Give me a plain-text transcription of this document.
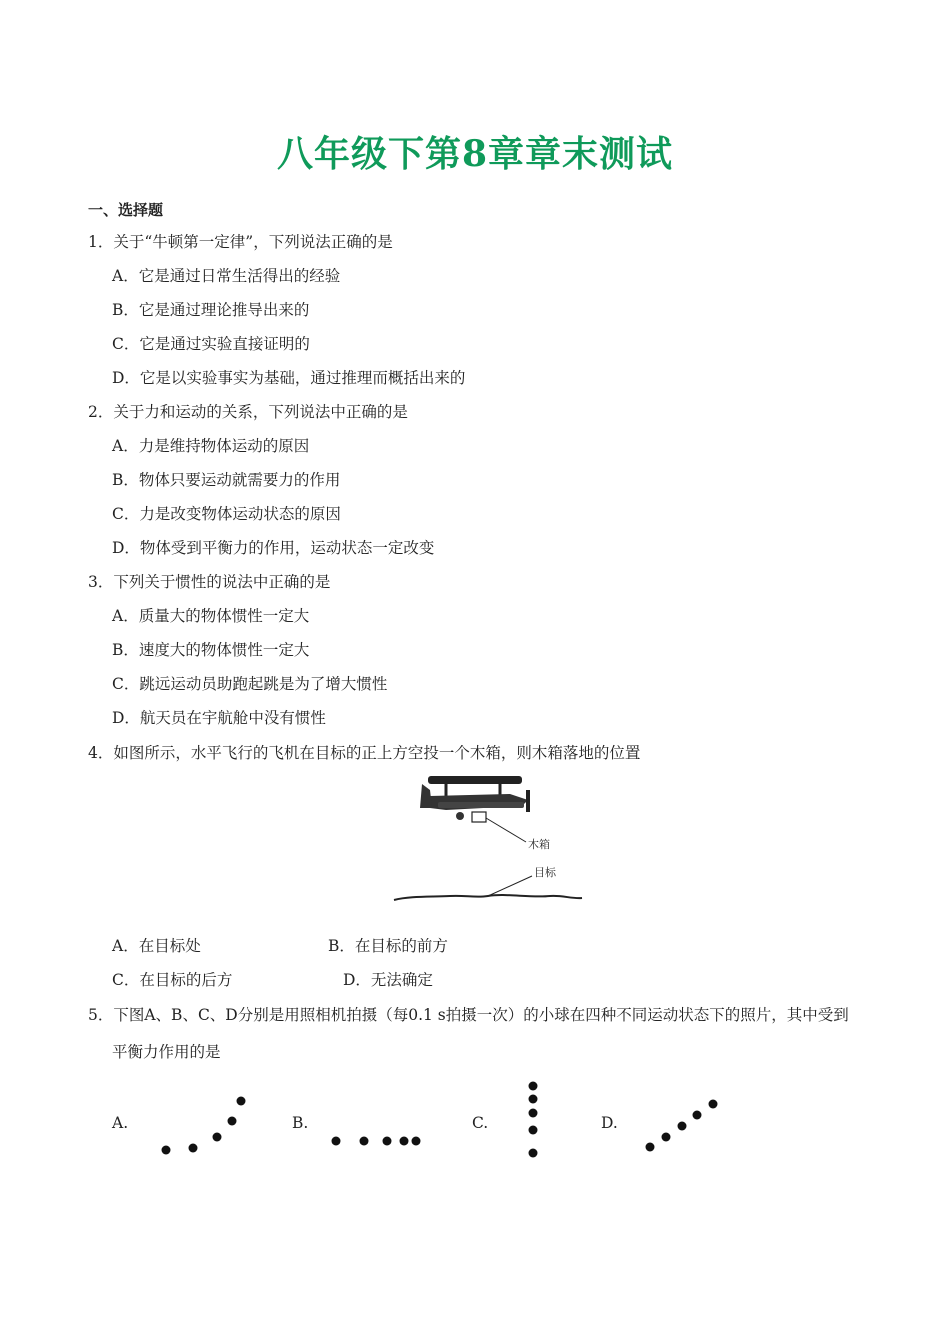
八年级下第8章章末测试
一、选择题
1．关于“牛顿第一定律”，下列说法正确的是
A．它是通过日常生活得出的经验
B．它是通过理论推导出来的
C．它是通过实验直接证明的
D．它是以实验事实为基础，通过推理而概括出来的
2．关于力和运动的关系，下列说法中正确的是
A．力是维持物体运动的原因
B．物体只要运动就需要力的作用
C．力是改变物体运动状态的原因
D．物体受到平衡力的作用，运动状态一定改变
3．下列关于惯性的说法中正确的是
A．质量大的物体惯性一定大
B．速度大的物体惯性一定大
C．跳远运动员助跑起跳是为了增大惯性
D．航天员在宇航舱中没有惯性
4．如图所示，水平飞行的飞机在目标的正上方空投一个木箱，则木箱落地的位置
木箱
目标
A．在目标处	B．在目标的前方
C．在目标的后方	D．无法确定
5．下图A、B、C、D分别是用照相机拍摄（每0.1 s拍摄一次）的小球在四种不同运动状态下的照片，其中受到
平衡力作用的是
A.	B.	C.	D.
